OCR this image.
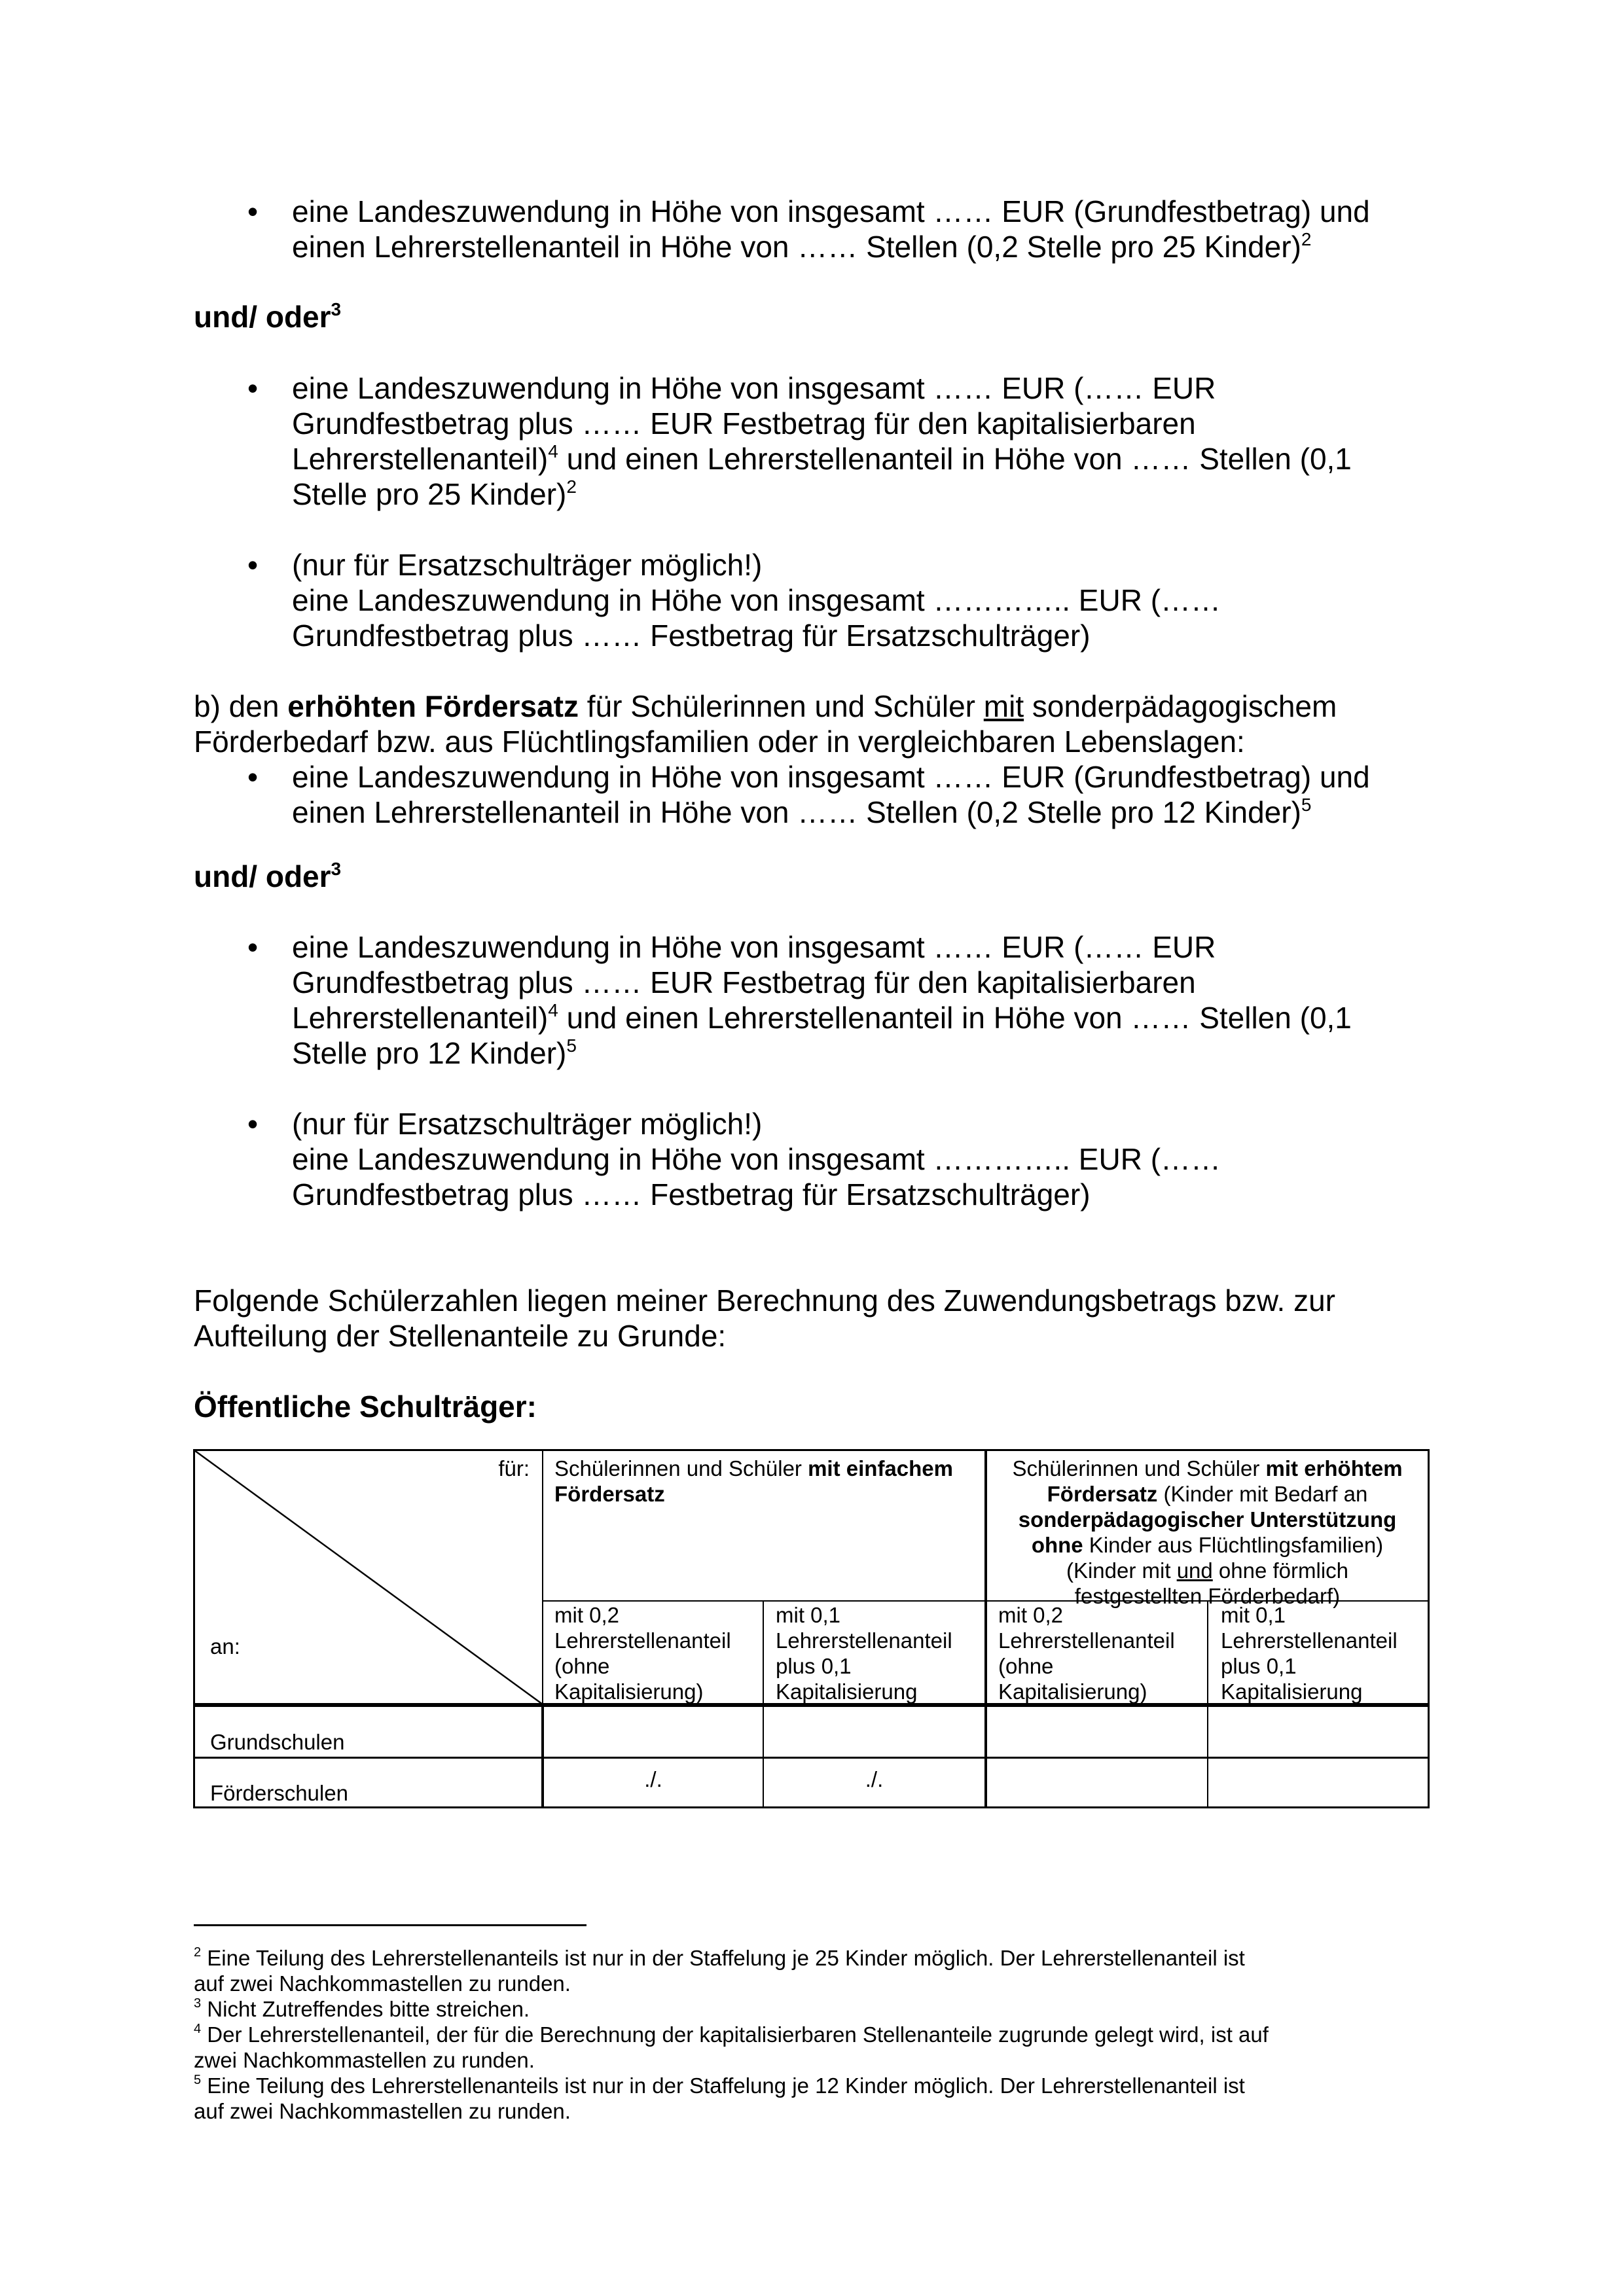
• eine Landeszuwendung in Höhe von insgesamt …… EUR (Grundfestbetrag) und
einen Lehrerstellenanteil in Höhe von …… Stellen (0,2 Stelle pro 25 Kinder)$^2$
und/ oder$^3$
• eine Landeszuwendung in Höhe von insgesamt …… EUR (…… EUR
Grundfestbetrag plus …… EUR Festbetrag für den kapitalisierbaren
Lehrerstellenanteil)$^4$ und einen Lehrerstellenanteil in Höhe von …… Stellen (0,1
Stelle pro 25 Kinder)$^2$
• (nur für Ersatzschulträger möglich!)
eine Landeszuwendung in Höhe von insgesamt ………….. EUR (……
Grundfestbetrag plus …… Festbetrag für Ersatzschulträger)
b) den erhöhten Fördersatz für Schülerinnen und Schüler mit sonderpädagogischem
Förderbedarf bzw. aus Flüchtlingsfamilien oder in vergleichbaren Lebenslagen:
• eine Landeszuwendung in Höhe von insgesamt …… EUR (Grundfestbetrag) und
einen Lehrerstellenanteil in Höhe von …… Stellen (0,2 Stelle pro 12 Kinder)$^5$
und/ oder$^3$
• eine Landeszuwendung in Höhe von insgesamt …… EUR (…… EUR
Grundfestbetrag plus …… EUR Festbetrag für den kapitalisierbaren
Lehrerstellenanteil)$^4$ und einen Lehrerstellenanteil in Höhe von …… Stellen (0,1
Stelle pro 12 Kinder)$^5$
• (nur für Ersatzschulträger möglich!)
eine Landeszuwendung in Höhe von insgesamt ………….. EUR (……
Grundfestbetrag plus …… Festbetrag für Ersatzschulträger)
Folgende Schülerzahlen liegen meiner Berechnung des Zuwendungsbetrags bzw. zur
Aufteilung der Stellenanteile zu Grunde:
Öffentliche Schulträger:
für:
an:
Schülerinnen und Schüler mit einfachem
Fördersatz
Schülerinnen und Schüler mit erhöhtem
Fördersatz (Kinder mit Bedarf an
sonderpädagogischer Unterstützung
ohne Kinder aus Flüchtlingsfamilien)
(Kinder mit und ohne förmlich
festgestellten Förderbedarf)
mit 0,2
Lehrerstellenanteil
(ohne
Kapitalisierung)
mit 0,1
Lehrerstellenanteil
plus 0,1
Kapitalisierung
mit 0,2
Lehrerstellenanteil
(ohne
Kapitalisierung)
mit 0,1
Lehrerstellenanteil
plus 0,1
Kapitalisierung
Grundschulen
Förderschulen
./.	./.
$^2$ Eine Teilung des Lehrerstellenanteils ist nur in der Staffelung je 25 Kinder möglich. Der Lehrerstellenanteil ist
auf zwei Nachkommastellen zu runden.
$^3$ Nicht Zutreffendes bitte streichen.
$^4$ Der Lehrerstellenanteil, der für die Berechnung der kapitalisierbaren Stellenanteile zugrunde gelegt wird, ist auf
zwei Nachkommastellen zu runden.
$^5$ Eine Teilung des Lehrerstellenanteils ist nur in der Staffelung je 12 Kinder möglich. Der Lehrerstellenanteil ist
auf zwei Nachkommastellen zu runden.
